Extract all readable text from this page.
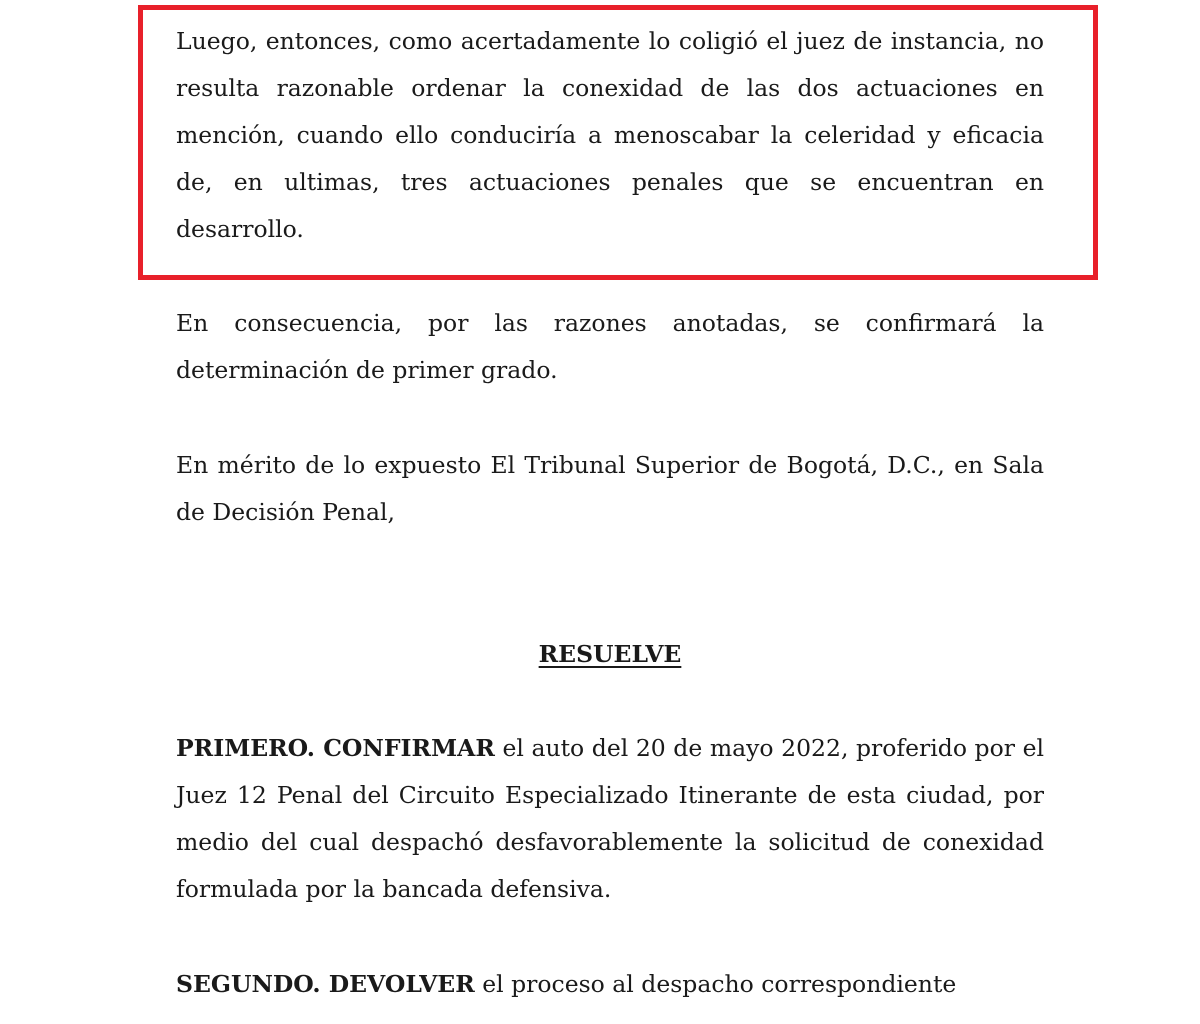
Luego, entonces, como acertadamente lo coligió el juez de instancia, no resulta razonable ordenar la conexidad de las dos actuaciones en mención, cuando ello conduciría a menoscabar la celeridad y eficacia de, en ultimas, tres actuaciones penales que se encuentran en desarrollo.

En consecuencia, por las razones anotadas, se confirmará la determinación de primer grado.

En mérito de lo expuesto El Tribunal Superior de Bogotá, D.C., en Sala de Decisión Penal,

RESUELVE

PRIMERO. CONFIRMAR el auto del 20 de mayo 2022, proferido por el Juez 12 Penal del Circuito Especializado Itinerante de esta ciudad, por medio del cual despachó desfavorablemente la solicitud de conexidad formulada por la bancada defensiva.

SEGUNDO. DEVOLVER el proceso al despacho correspondiente
